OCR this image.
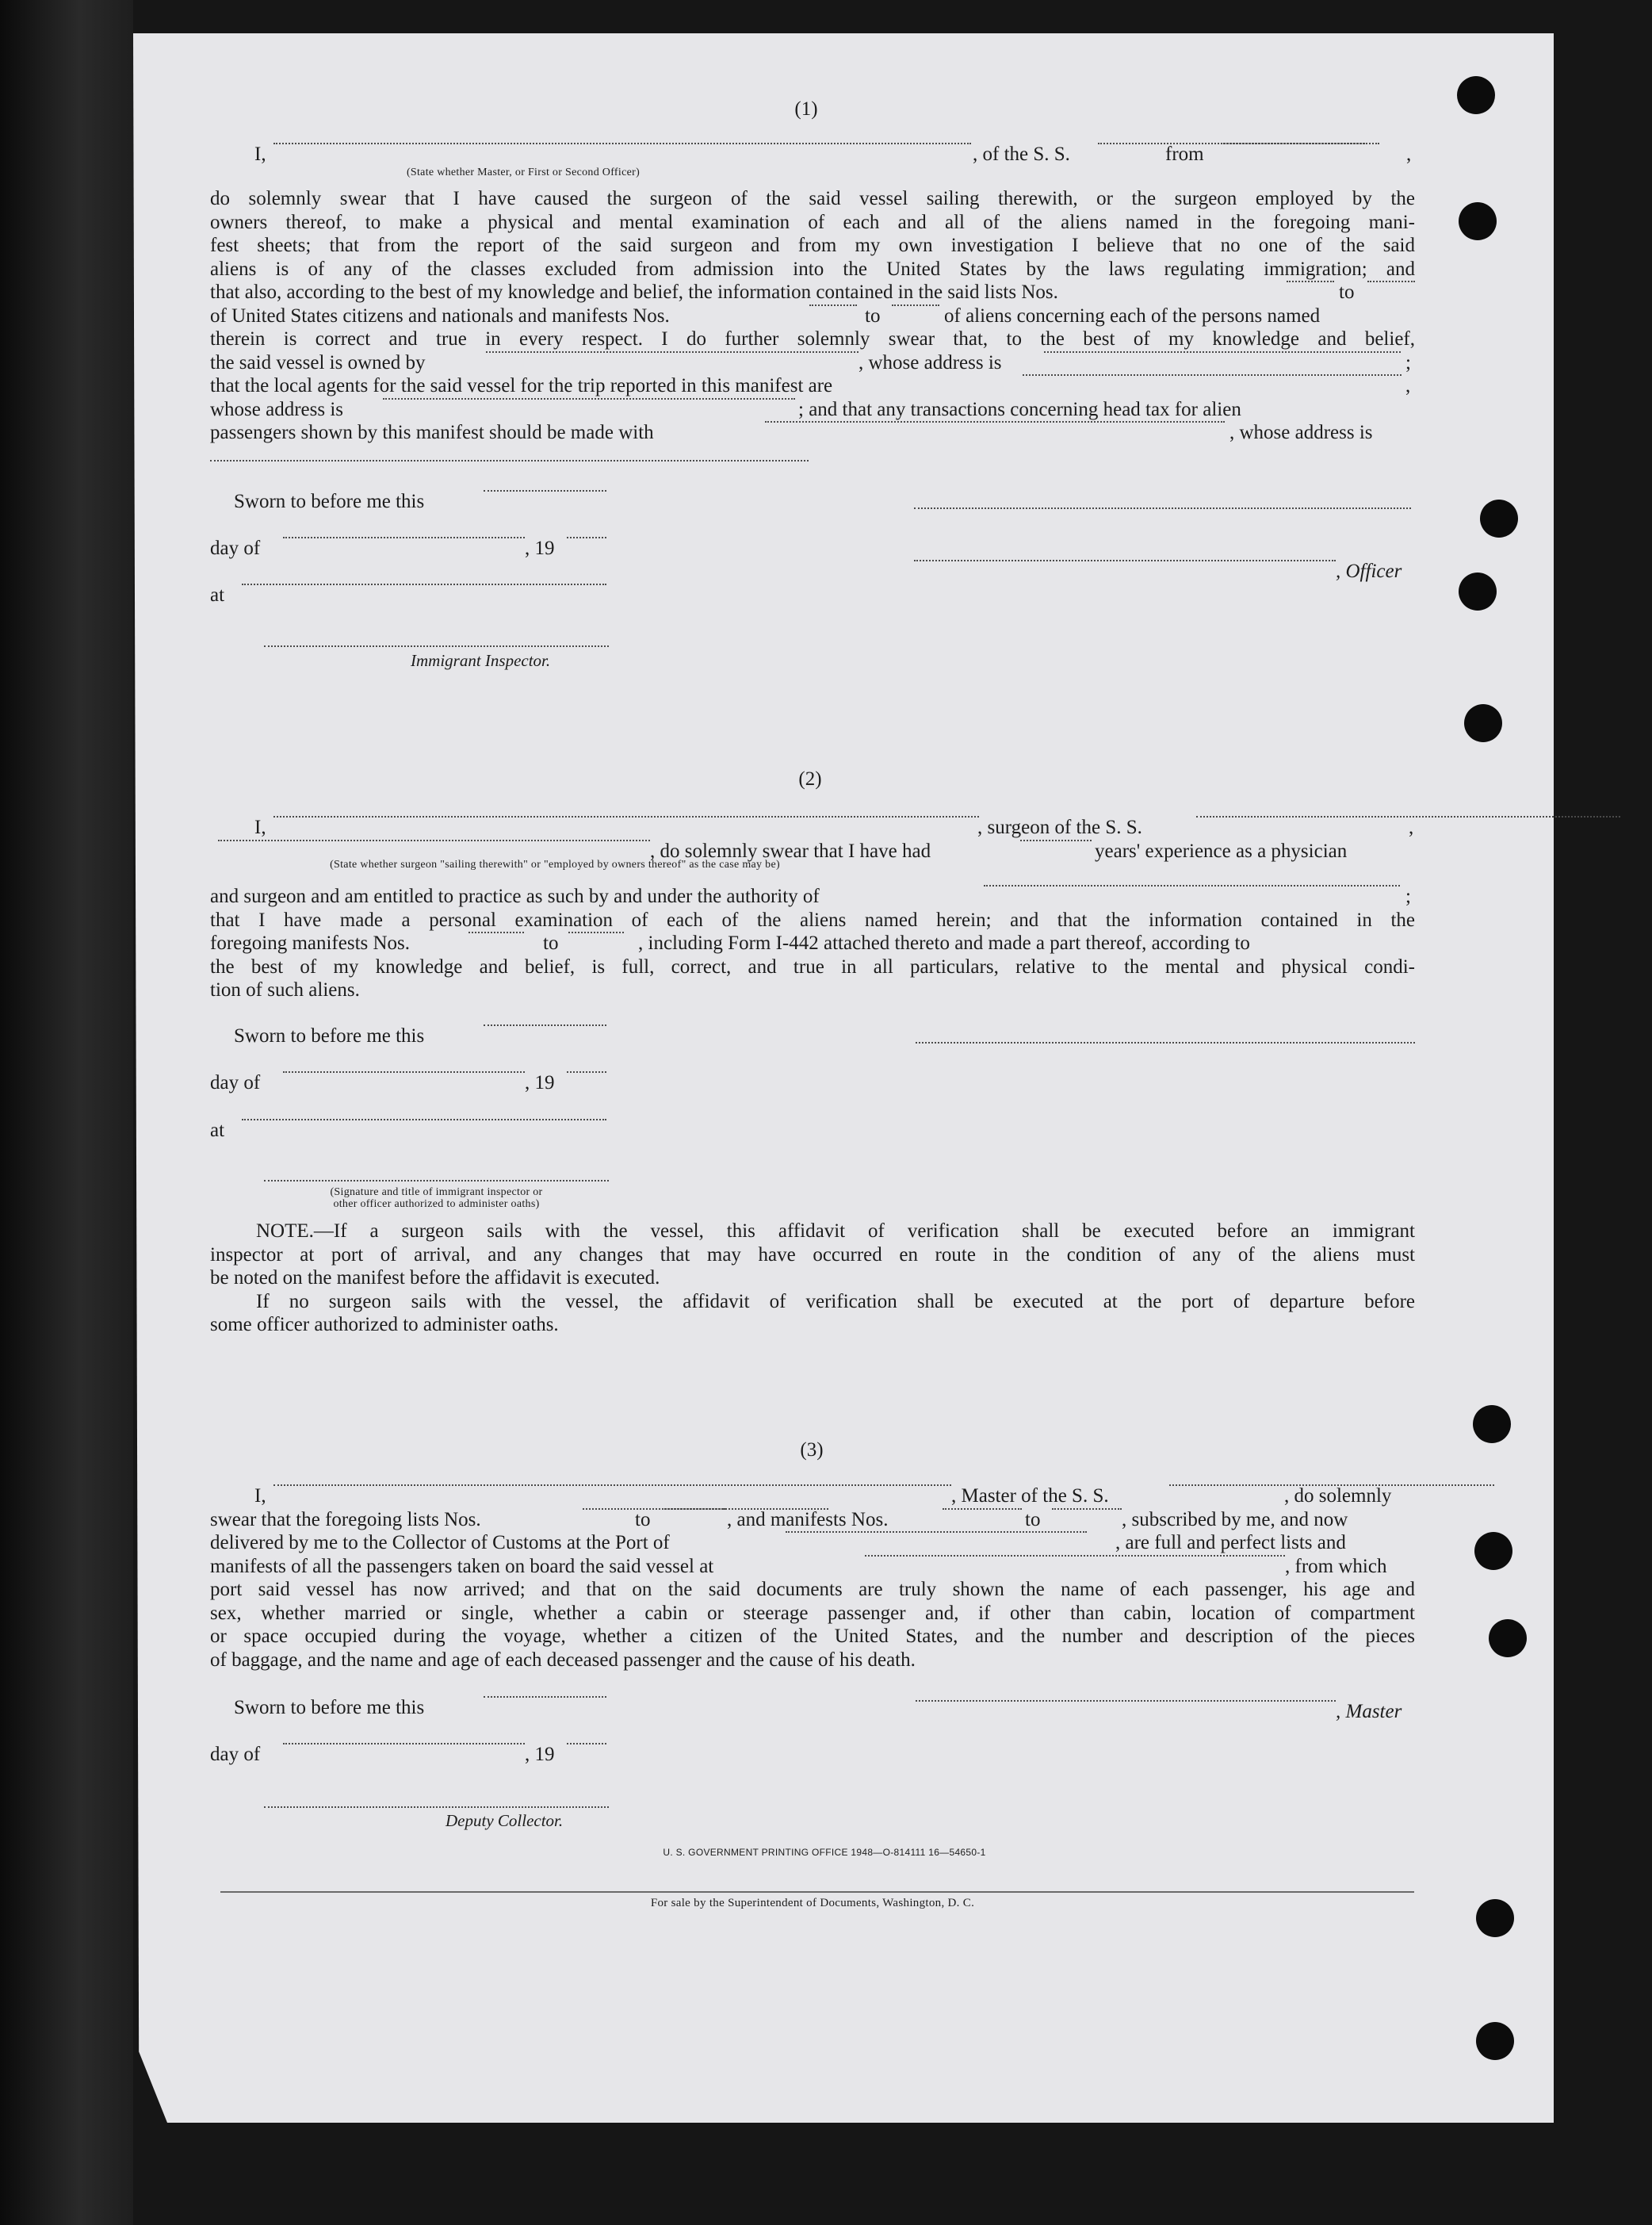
(1)
I,	, of the S. S.	from	,
(State whether Master, or First or Second Officer)
do solemnly swear that I have caused the surgeon of the said vessel sailing therewith, or the surgeon employed by the
owners thereof, to make a physical and mental examination of each and all of the aliens named in the foregoing mani-
fest sheets; that from the report of the said surgeon and from my own investigation I believe that no one of the said
aliens is of any of the classes excluded from admission into the United States by the laws regulating immigration; and
that also, according to the best of my knowledge and belief, the information contained in the said lists Nos.	to
of United States citizens and nationals and manifests Nos.	to	of aliens concerning each of the persons named
therein is correct and true in every respect. I do further solemnly swear that, to the best of my knowledge and belief,
the said vessel is owned by	, whose address is	;
that the local agents for the said vessel for the trip reported in this manifest are	,
whose address is	; and that any transactions concerning head tax for alien
passengers shown by this manifest should be made with	, whose address is
Sworn to before me this
day of	, 19
, Officer
at
Immigrant Inspector.
(2)
I,	, surgeon of the S. S.	,
, do solemnly swear that I have had	years' experience as a physician
(State whether surgeon "sailing therewith" or "employed by owners thereof" as the case may be)
and surgeon and am entitled to practice as such by and under the authority of	;
that I have made a personal examination of each of the aliens named herein; and that the information contained in the
foregoing manifests Nos.	to	, including Form I-442 attached thereto and made a part thereof, according to
the best of my knowledge and belief, is full, correct, and true in all particulars, relative to the mental and physical condi-
tion of such aliens.
Sworn to before me this
day of	, 19
at
(Signature and title of immigrant inspector or
other officer authorized to administer oaths)
NOTE.—If a surgeon sails with the vessel, this affidavit of verification shall be executed before an immigrant
inspector at port of arrival, and any changes that may have occurred en route in the condition of any of the aliens must
be noted on the manifest before the affidavit is executed.
If no surgeon sails with the vessel, the affidavit of verification shall be executed at the port of departure before
some officer authorized to administer oaths.
(3)
I,	, Master of the S. S.	, do solemnly
swear that the foregoing lists Nos.	to	, and manifests Nos.	to	, subscribed by me, and now
delivered by me to the Collector of Customs at the Port of	, are full and perfect lists and
manifests of all the passengers taken on board the said vessel at	, from which
port said vessel has now arrived; and that on the said documents are truly shown the name of each passenger, his age and
sex, whether married or single, whether a cabin or steerage passenger and, if other than cabin, location of compartment
or space occupied during the voyage, whether a citizen of the United States, and the number and description of the pieces
of baggage, and the name and age of each deceased passenger and the cause of his death.
Sworn to before me this	, Master
day of	, 19
Deputy Collector.
U. S. GOVERNMENT PRINTING OFFICE 1948—O-814111 16—54650-1
For sale by the Superintendent of Documents, Washington, D. C.
